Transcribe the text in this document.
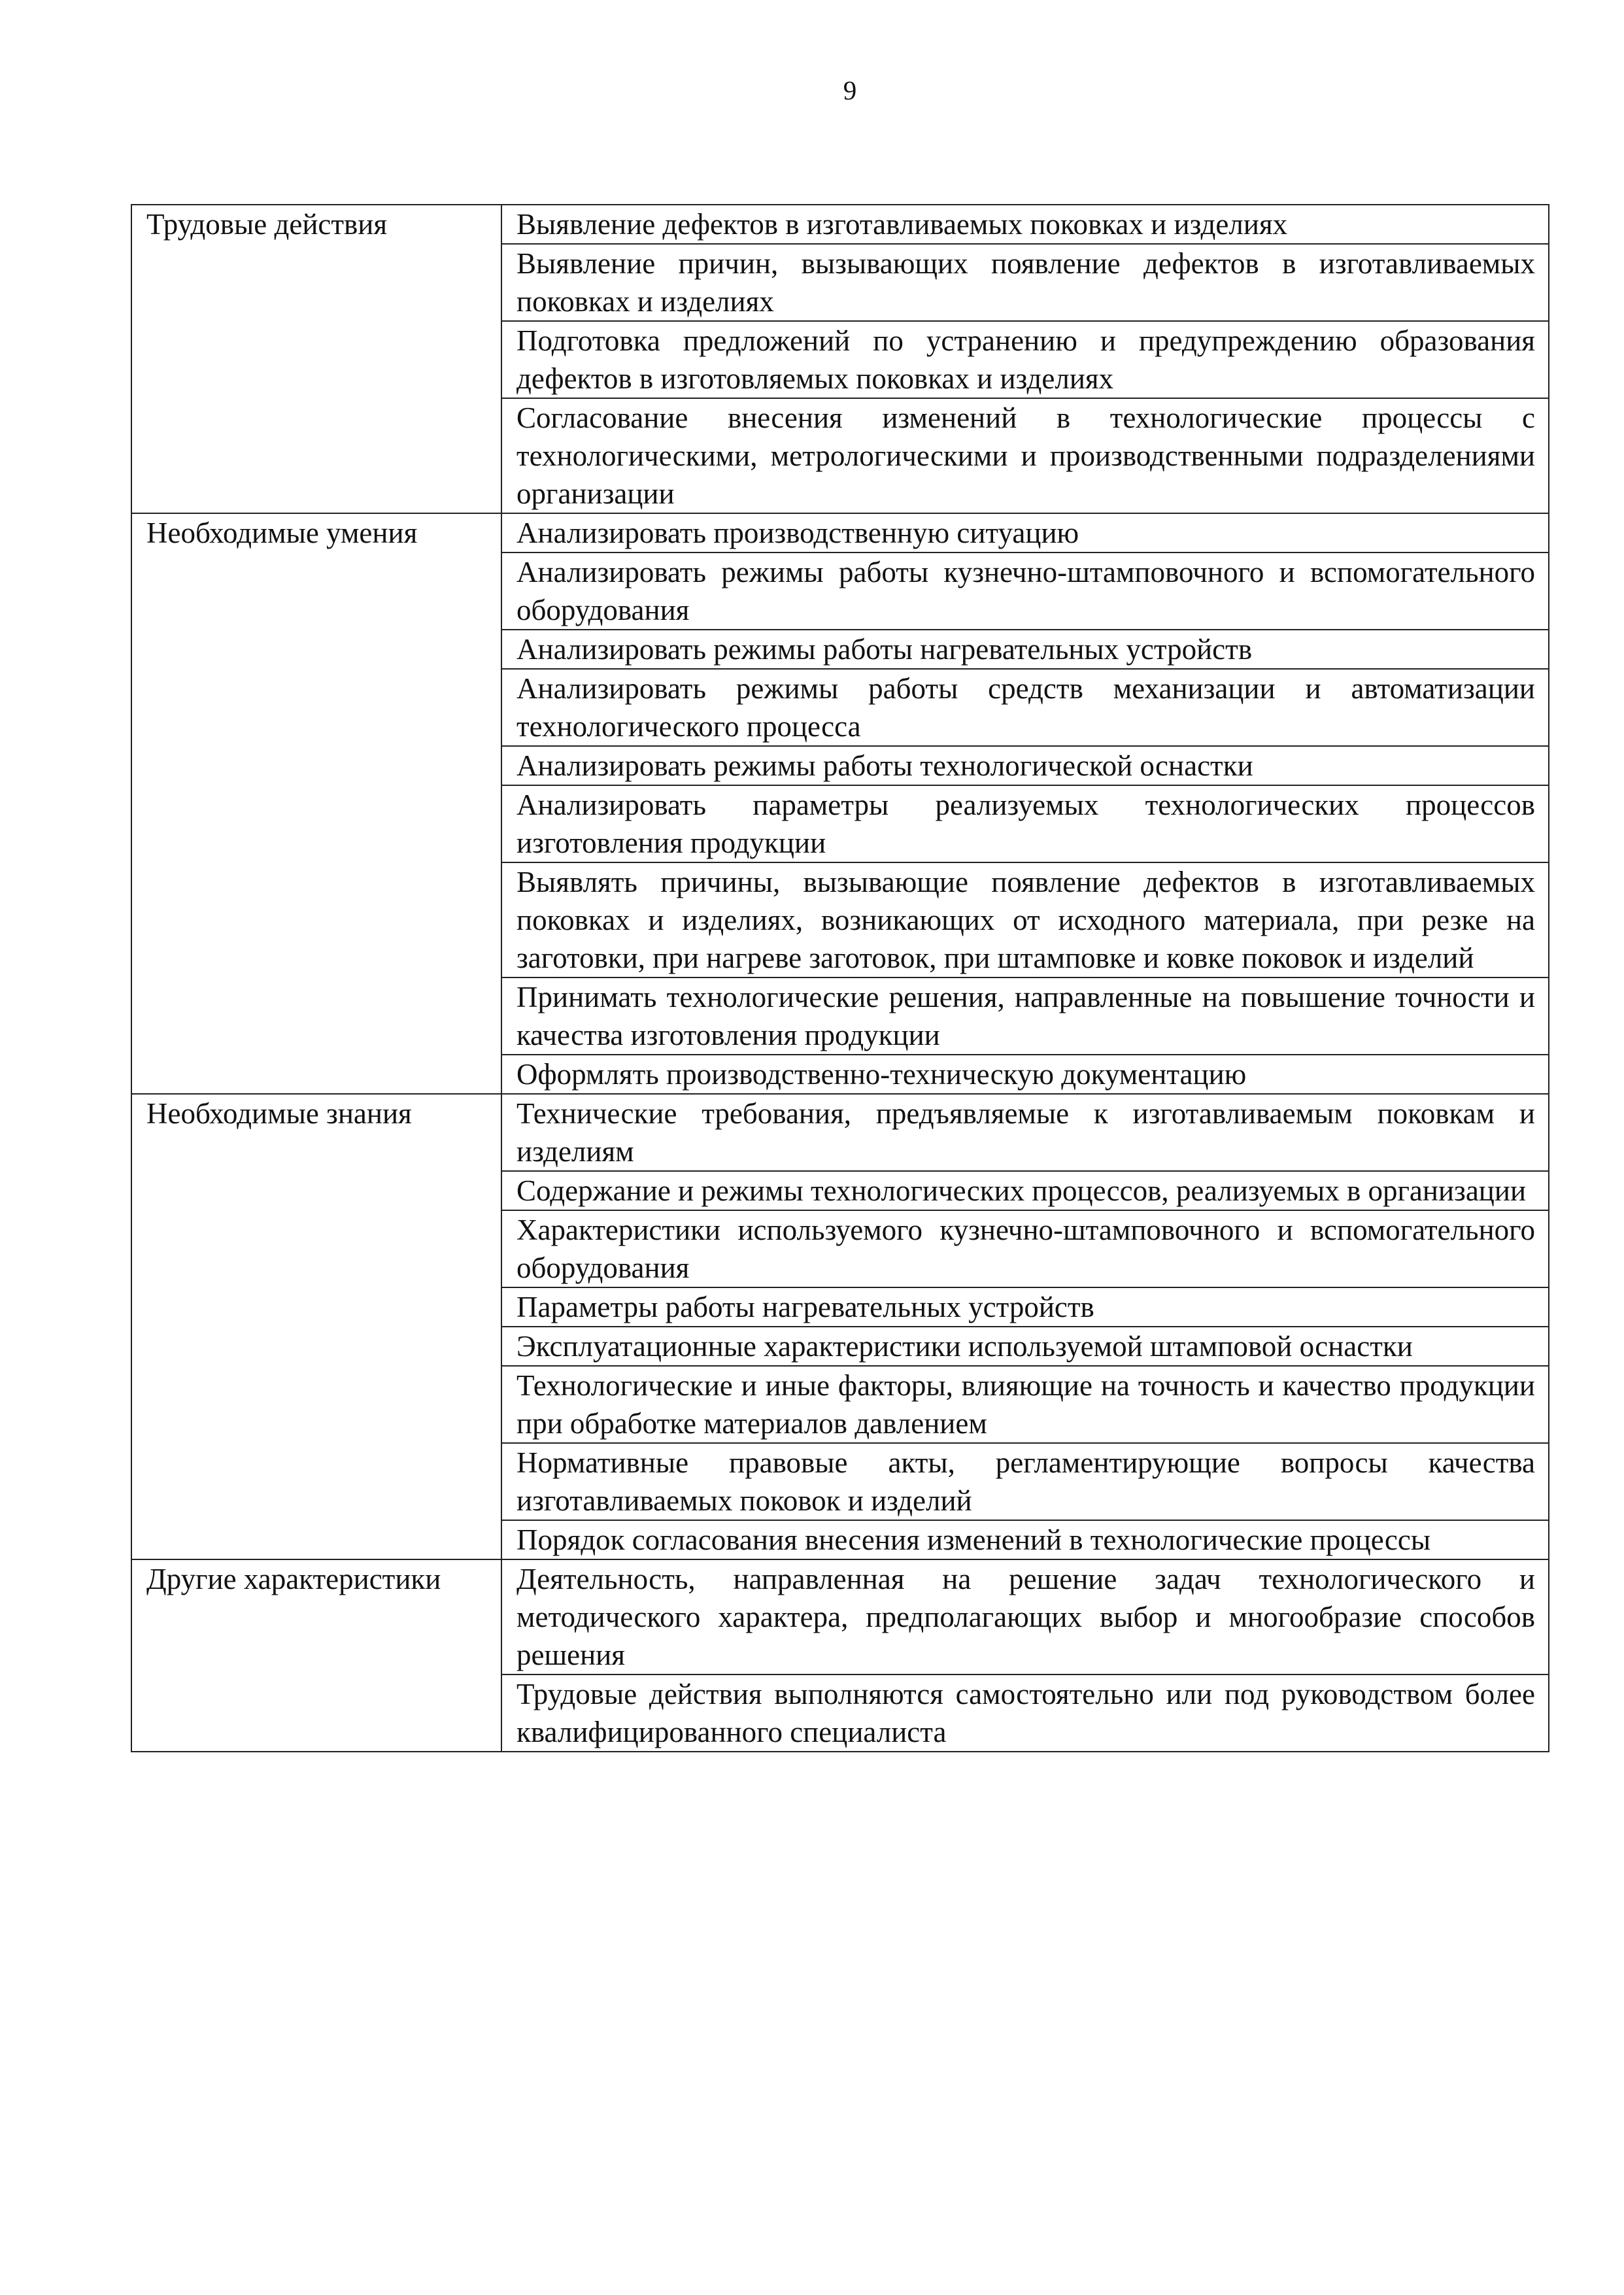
9
Трудовые действия	Выявление дефектов в изготавливаемых поковках и изделиях
	Выявление причин, вызывающих появление дефектов в изготавливаемых поковках и изделиях
	Подготовка предложений по устранению и предупреждению образования дефектов в изготовляемых поковках и изделиях
	Согласование внесения изменений в технологические процессы с технологическими, метрологическими и производственными подразделениями организации
Необходимые умения	Анализировать производственную ситуацию
	Анализировать режимы работы кузнечно-штамповочного и вспомогательного оборудования
	Анализировать режимы работы нагревательных устройств
	Анализировать режимы работы средств механизации и автоматизации технологического процесса
	Анализировать режимы работы технологической оснастки
	Анализировать параметры реализуемых технологических процессов изготовления продукции
	Выявлять причины, вызывающие появление дефектов в изготавливаемых поковках и изделиях, возникающих от исходного материала, при резке на заготовки, при нагреве заготовок, при штамповке и ковке поковок и изделий
	Принимать технологические решения, направленные на повышение точности и качества изготовления продукции
	Оформлять производственно-техническую документацию
Необходимые знания	Технические требования, предъявляемые к изготавливаемым поковкам и изделиям
	Содержание и режимы технологических процессов, реализуемых в организации
	Характеристики используемого кузнечно-штамповочного и вспомогательного оборудования
	Параметры работы нагревательных устройств
	Эксплуатационные характеристики используемой штамповой оснастки
	Технологические и иные факторы, влияющие на точность и качество продукции при обработке материалов давлением
	Нормативные правовые акты, регламентирующие вопросы качества изготавливаемых поковок и изделий
	Порядок согласования внесения изменений в технологические процессы
Другие характеристики	Деятельность, направленная на решение задач технологического и методического характера, предполагающих выбор и многообразие способов решения
	Трудовые действия выполняются самостоятельно или под руководством более квалифицированного специалиста
